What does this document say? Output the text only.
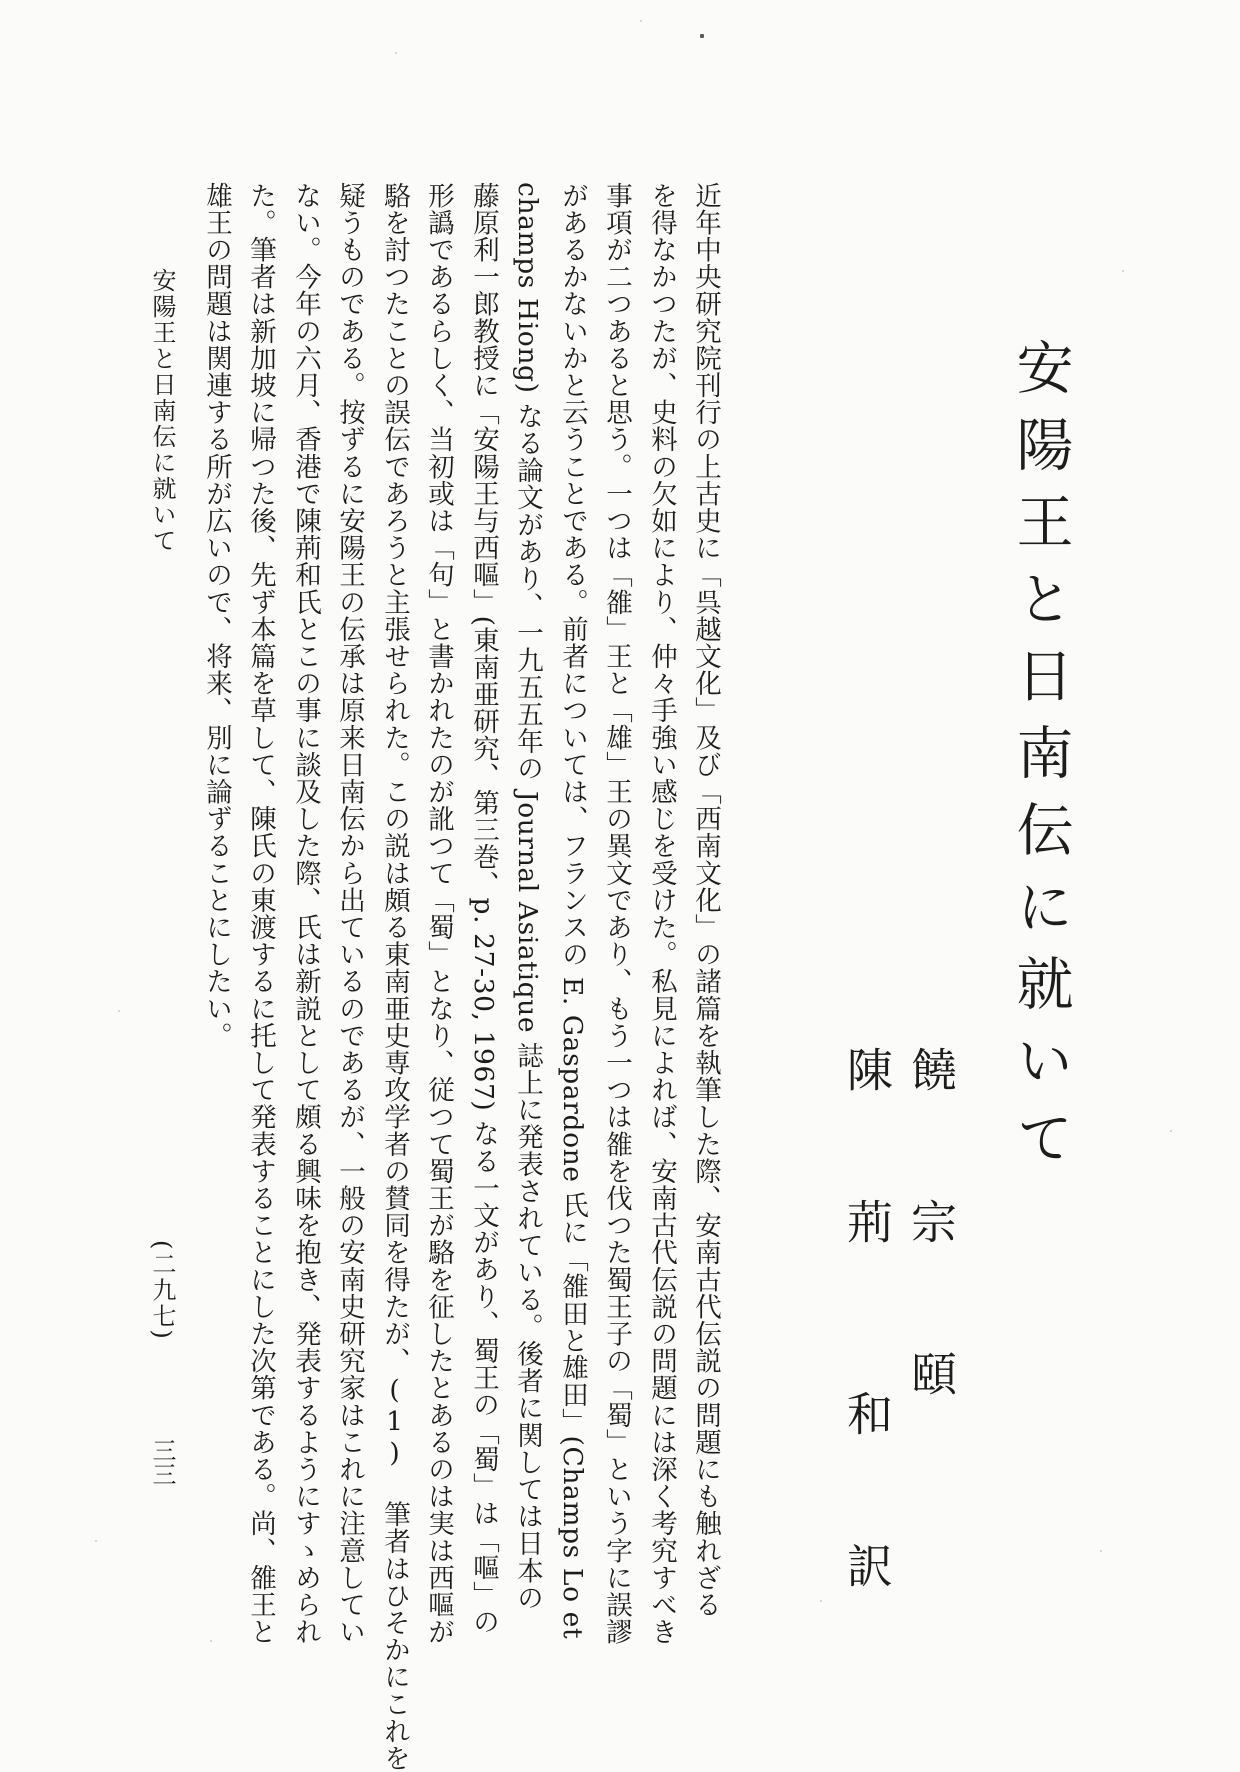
安陽王と日南伝に就いて
饒宗頤
陳荊和訳
近年中央研究院刊行の上古史に「呉越文化」及び「西南文化」の諸篇を執筆した際、安南古代伝説の問題にも触れざる
を得なかつたが、史料の欠如により、仲々手強い感じを受けた。私見によれば、安南古代伝説の問題には深く考究すべき
事項が二つあると思う。一つは「雒」王と「雄」王の異文であり、もう一つは雒を伐つた蜀王子の「蜀」という字に誤謬
があるかないかと云うことである。前者については、フランスの E. Gaspardone 氏に「雒田と雄田」(Champs Lo et
champs Hiong) なる論文があり、一九五五年の Journal Asiatique 誌上に発表されている。後者に関しては日本の
藤原利一郎教授に「安陽王与西嘔」(東南亜研究、第三巻、p. 27-30, 1967) なる一文があり、蜀王の「蜀」は「嘔」の
形譌であるらしく、当初或は「句」と書かれたのが訛つて「蜀」となり、従つて蜀王が駱を征したとあるのは実は西嘔が
駱を討つたことの誤伝であろうと主張せられた。この説は頗る東南亜史専攻学者の賛同を得たが、(1) 筆者はひそかにこれを
疑うものである。按ずるに安陽王の伝承は原来日南伝から出ているのであるが、一般の安南史研究家はこれに注意してい
ない。今年の六月、香港で陳荊和氏とこの事に談及した際、氏は新説として頗る興味を抱き、発表するようにすゝめられ
た。筆者は新加坡に帰つた後、先ず本篇を草して、陳氏の東渡するに托して発表することにした次第である。尚、雒王と
雄王の問題は関連する所が広いので、将来、別に論ずることにしたい。
安陽王と日南伝に就いて
(二九七)
三三
